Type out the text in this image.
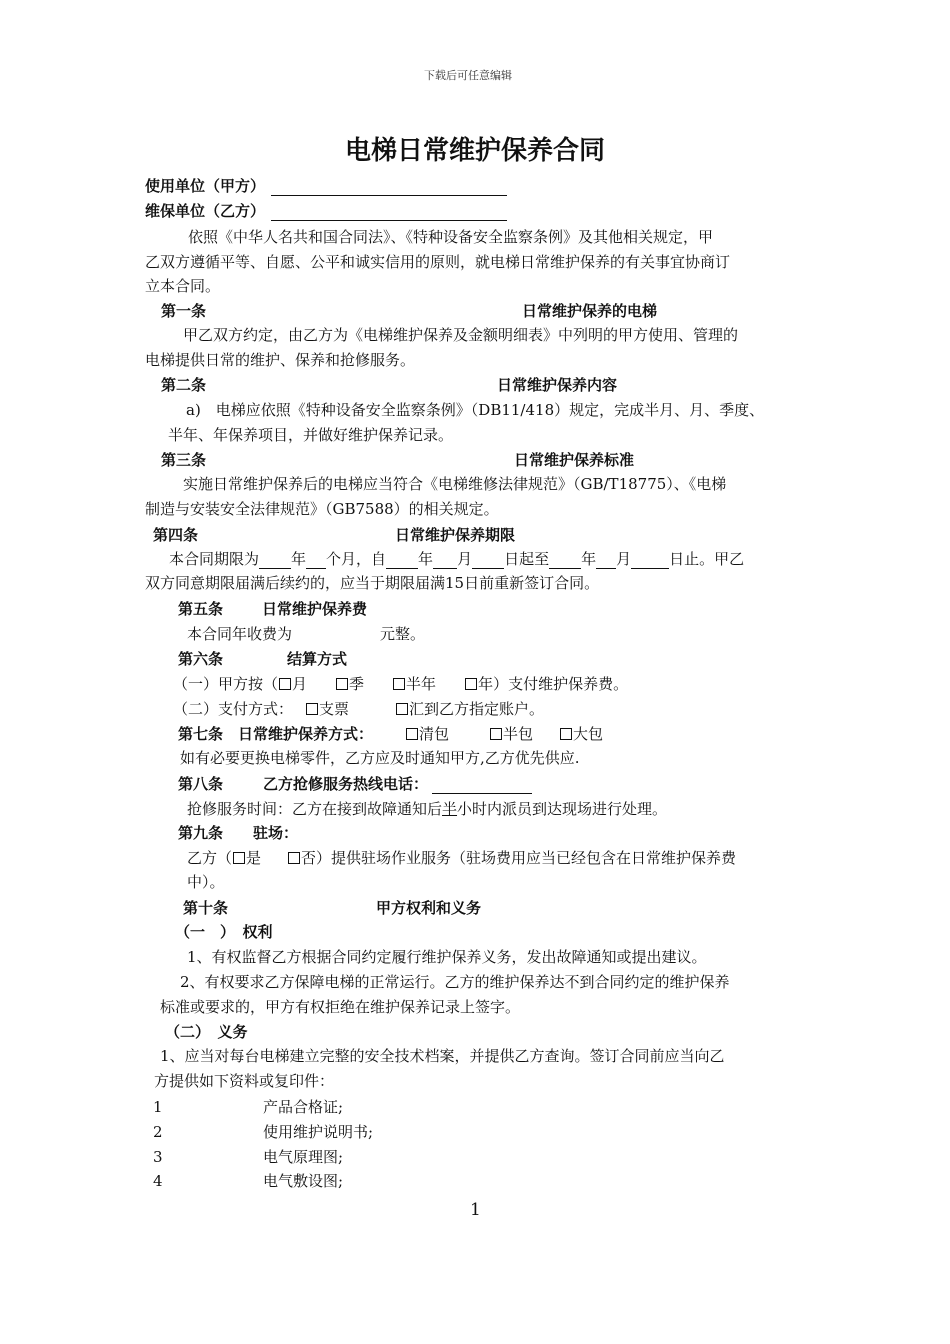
下载后可任意编辑
电梯日常维护保养合同
使用单位（甲方）
维保单位（乙方）
依照《中华人名共和国合同法》、《特种设备安全监察条例》及其他相关规定，甲
乙双方遵循平等、自愿、公平和诚实信用的原则，就电梯日常维护保养的有关事宜协商订
立本合同。
第一条	日常维护保养的电梯
甲乙双方约定，由乙方为《电梯维护保养及金额明细表》中列明的甲方使用、管理的
电梯提供日常的维护、保养和抢修服务。
第二条	日常维护保养内容
a)　电梯应依照《特种设备安全监察条例》（DB11/418）规定，完成半月、月、季度、
半年、年保养项目，并做好维护保养记录。
第三条	日常维护保养标准
实施日常维护保养后的电梯应当符合《电梯维修法律规范》（GB/T18775）、《电梯
制造与安装安全法律规范》（GB7588）的相关规定。
第四条	日常维护保养期限
本合同期限为 年 个月，自 年 月 日起至 年 月	日止。甲乙
双方同意期限届满后续约的，应当于期限届满15日前重新签订合同。
第五条	日常维护保养费
本合同年收费为	元整。
第六条	结算方式
（一）甲方按（ 月	季	半年	年）支付维护保养费。
（二）支付方式： 支票	汇到乙方指定账户。
第七条 日常维护保养方式：	清包	半包	大包
如有必要更换电梯零件，乙方应及时通知甲方,乙方优先供应.
第八条	乙方抢修服务热线电话：
抢修服务时间：乙方在接到故障通知后半小时内派员到达现场进行处理。
第九条 驻场：
乙方（ 是	否）提供驻场作业服务（驻场费用应当已经包含在日常维护保养费
中）。
第十条	甲方权利和义务
（一　）　权利
1、有权监督乙方根据合同约定履行维护保养义务，发出故障通知或提出建议。
2、有权要求乙方保障电梯的正常运行。乙方的维护保养达不到合同约定的维护保养
标准或要求的，甲方有权拒绝在维护保养记录上签字。
（二）　义务
1、应当对每台电梯建立完整的安全技术档案，并提供乙方查询。签订合同前应当向乙
方提供如下资料或复印件：
1	产品合格证;
2	使用维护说明书;
3	电气原理图;
4	电气敷设图;
1
